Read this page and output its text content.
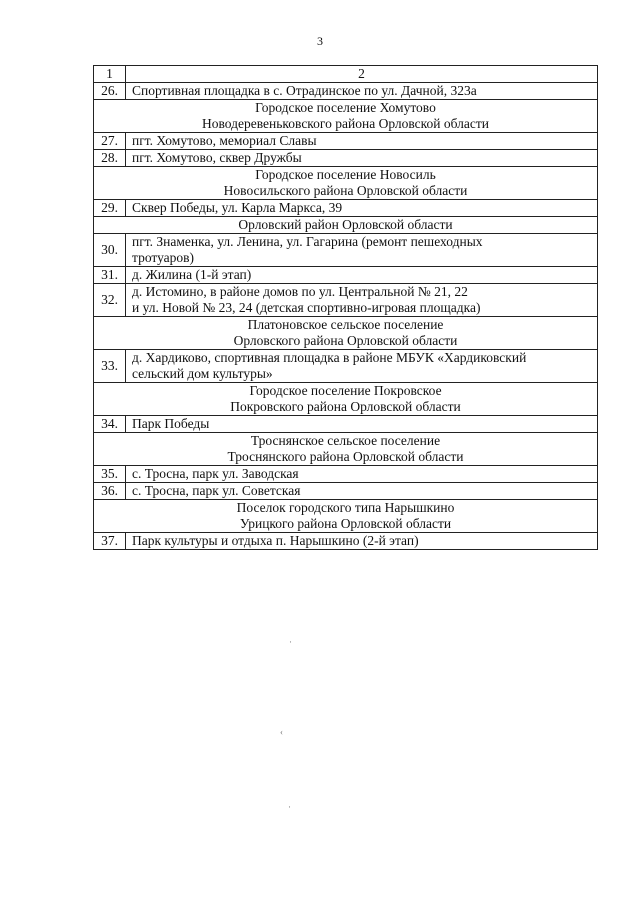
3
1	2
26.	Спортивная площадка в с. Отрадинское по ул. Дачной, 323а

Городское поселение Хомутово
Новодеревеньковского района Орловской области	

27.	пгт. Хомутово, мемориал Славы

28.	пгт. Хомутово, сквер Дружбы

Городское поселение Новосиль
Новосильского района Орловской области	

29.	Сквер Победы, ул. Карла Маркса, 39

Орловский район Орловской области	

30.	пгт. Знаменка, ул. Ленина, ул. Гагарина (ремонт пешеходных
тротуаров)

31.	д. Жилина (1-й этап)

32.	д. Истомино, в районе домов по ул. Центральной № 21, 22
и ул. Новой № 23, 24 (детская спортивно-игровая площадка)

Платоновское сельское поселение
Орловского района Орловской области	

33.	д. Хардиково, спортивная площадка в районе МБУК «Хардиковский
сельский дом культуры»

Городское поселение Покровское
Покровского района Орловской области	

34.	Парк Победы

Троснянское сельское поселение
Троснянского района Орловской области	

35.	с. Тросна, парк ул. Заводская

36.	с. Тросна, парк ул. Советская

Поселок городского типа Нарышкино
Урицкого района Орловской области	

37.	Парк культуры и отдыха п. Нарышкино (2-й этап)
·
‹
·
